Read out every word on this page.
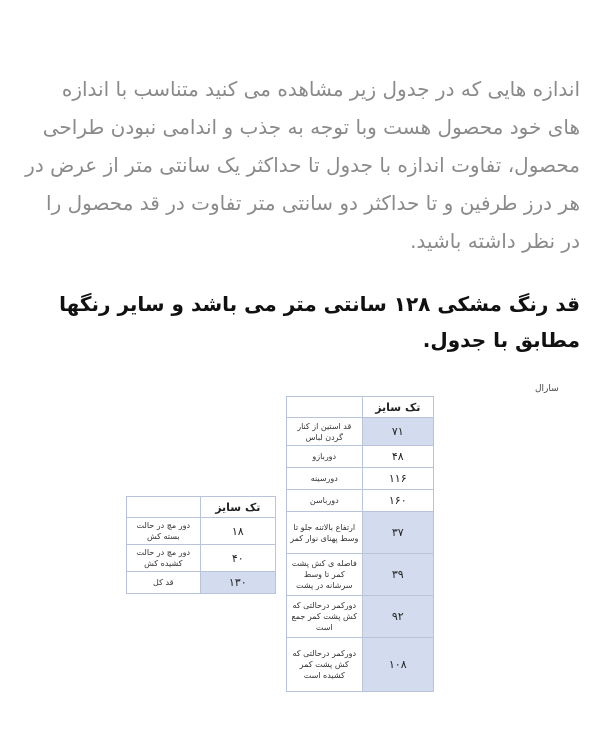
اندازه هایی که در جدول زیر مشاهده می کنید متناسب با اندازه های خود محصول هست وبا توجه به جذب و اندامی نبودن طراحی محصول، تفاوت اندازه با جدول تا حداکثر یک سانتی متر از عرض در هر درز طرفین و تا حداکثر دو سانتی متر تفاوت در قد محصول را در نظر داشته باشید.

قد رنگ مشکی ۱۲۸ سانتی متر می باشد و سایر رنگها مطابق با جدول.

سارال
تک سایز	
۷۱	قد استین از کنار گردن لباس
۴۸	دوربازو
۱۱۶	دورسینه
۱۶۰	دورباسن
۳۷	ارتفاع بالاتنه جلو تا وسط پهنای نوار کمر
۳۹	فاصله ی کش پشت کمر تا وسط سرشانه در پشت
۹۲	دورکمر درحالتی که کش پشت کمر جمع است
۱۰۸	دورکمر درحالتی که کش پشت کمر کشیده است
تک سایز	
۱۸	دور مچ در حالت بسته کش
۴۰	دور مچ در حالت کشیده کش
۱۳۰	قد کل
